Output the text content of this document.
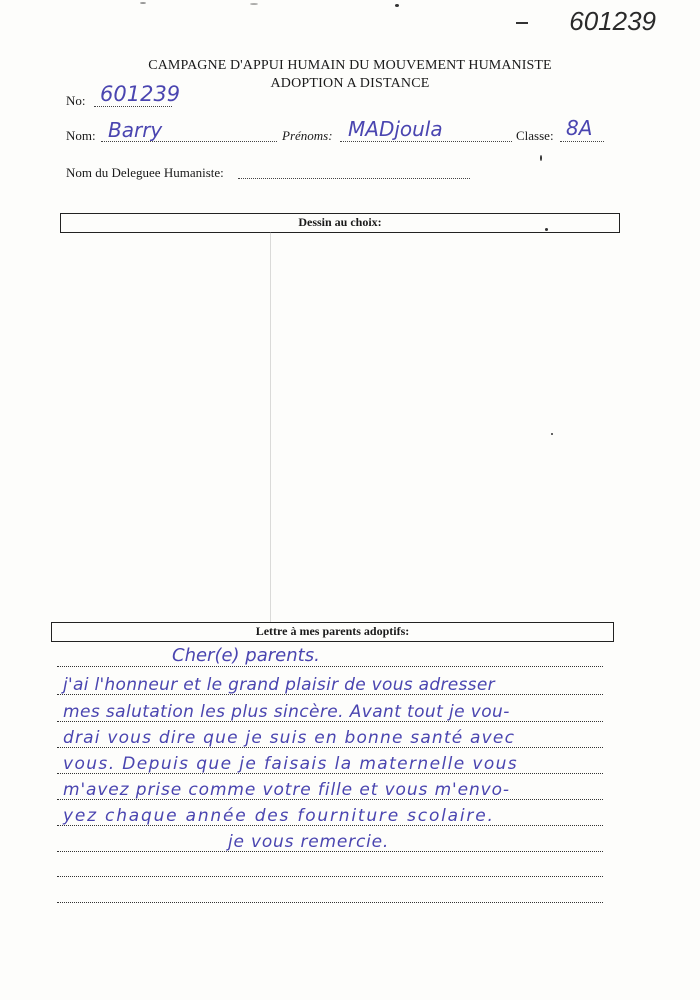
601239
CAMPAGNE D'APPUI HUMAIN DU MOUVEMENT HUMANISTE
ADOPTION A DISTANCE
No: 601239
Nom: Barry	Prénoms: MADjoula	Classe: 8A
Nom du Deleguee Humaniste:
Dessin au choix:
Lettre à mes parents adoptifs:
Cher(e) parents.
j'ai l'honneur et le grand plaisir de vous adresser
mes salutation les plus sincère. Avant tout je vou-
drai vous dire que je suis en bonne santé avec
vous. Depuis que je faisais la maternelle vous
m'avez prise comme votre fille et vous m'envo-
yez chaque année des fourniture scolaire.
je vous remercie.
